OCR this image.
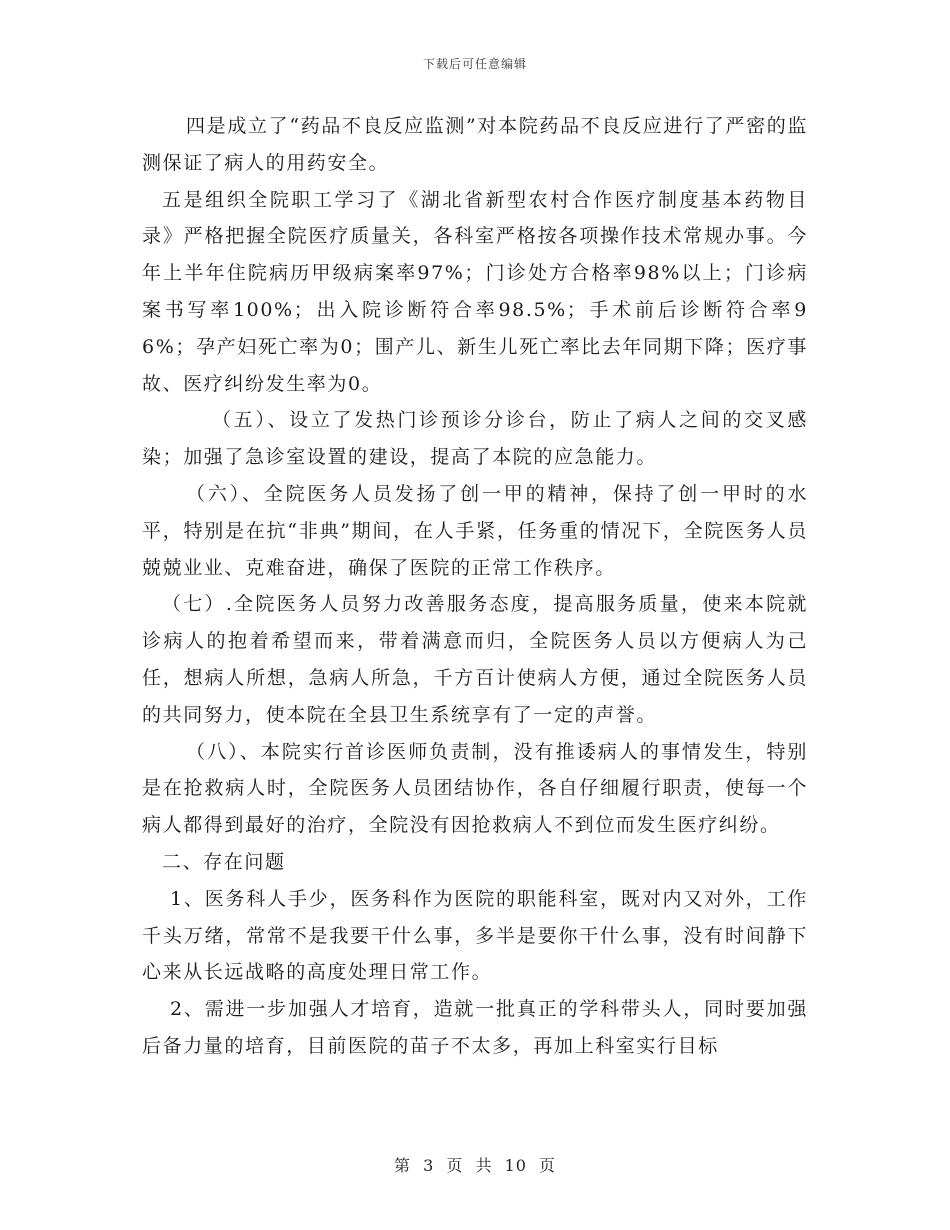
下载后可任意编辑

四是成立了“药品不良反应监测”对本院药品不良反应进行了严密的监测保证了病人的用药安全。

五是组织全院职工学习了《湖北省新型农村合作医疗制度基本药物目录》严格把握全院医疗质量关，各科室严格按各项操作技术常规办事。今年上半年住院病历甲级病案率97%；门诊处方合格率98%以上；门诊病案书写率100%；出入院诊断符合率98.5%；手术前后诊断符合率96%；孕产妇死亡率为0；围产儿、新生儿死亡率比去年同期下降；医疗事故、医疗纠纷发生率为0。

（五）、设立了发热门诊预诊分诊台，防止了病人之间的交叉感染；加强了急诊室设置的建设，提高了本院的应急能力。

（六）、全院医务人员发扬了创一甲的精神，保持了创一甲时的水平，特别是在抗“非典”期间，在人手紧，任务重的情况下，全院医务人员兢兢业业、克难奋进，确保了医院的正常工作秩序。

（七）.全院医务人员努力改善服务态度，提高服务质量，使来本院就诊病人的抱着希望而来，带着满意而归，全院医务人员以方便病人为己任，想病人所想，急病人所急，千方百计使病人方便，通过全院医务人员的共同努力，使本院在全县卫生系统享有了一定的声誉。

（八）、本院实行首诊医师负责制，没有推诿病人的事情发生，特别是在抢救病人时，全院医务人员团结协作，各自仔细履行职责，使每一个病人都得到最好的治疗，全院没有因抢救病人不到位而发生医疗纠纷。

二、存在问题

1、医务科人手少，医务科作为医院的职能科室，既对内又对外，工作千头万绪，常常不是我要干什么事，多半是要你干什么事，没有时间静下心来从长远战略的高度处理日常工作。

2、需进一步加强人才培育，造就一批真正的学科带头人，同时要加强后备力量的培育，目前医院的苗子不太多，再加上科室实行目标

第 3 页 共 10 页
